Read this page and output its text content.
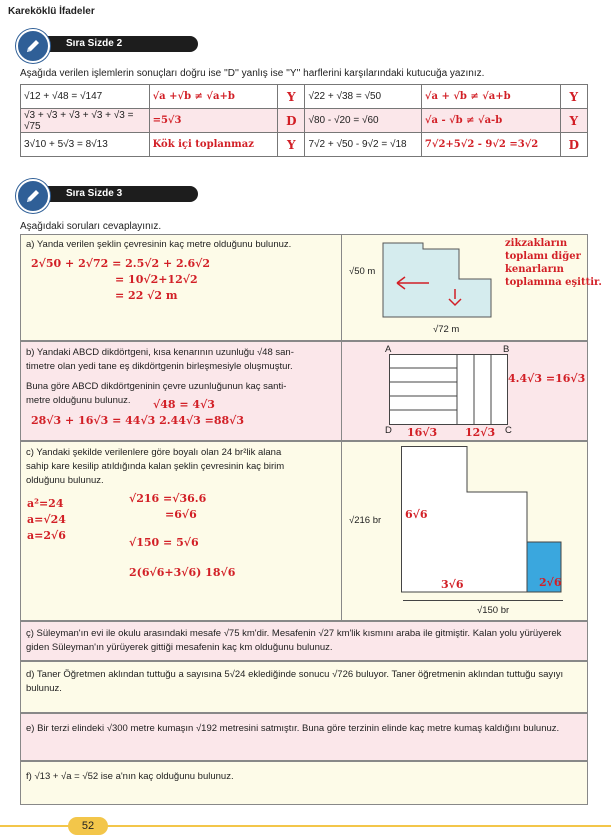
Kareköklü İfadeler
Sıra Sizde 2
Aşağıda verilen işlemlerin sonuçları doğru ise ''D'' yanlış ise ''Y'' harflerini karşılarındaki kutucuğa yazınız.
√12 + √48 = √147	√a +√b ≠ √a+b	Y	√22 + √38 = √50	√a + √b ≠ √a+b	Y
√3 + √3 + √3 + √3 + √3 = √75	=5√3	D	√80 - √20 = √60	√a - √b ≠ √a-b	Y
3√10 + 5√3 = 8√13	Kök içi toplanmaz	Y	7√2 + √50 - 9√2 = √18	7√2+5√2 - 9√2 =3√2	D
Sıra Sizde 3
Aşağıdaki soruları cevaplayınız.
a) Yanda verilen şeklin çevresinin kaç metre olduğunu bulunuz.
2√50 + 2√72 = 2.5√2 + 2.6√2
= 10√2+12√2
= 22 √2 m
√50 m
√72 m
zikzakların
toplamı diğer
kenarların
toplamına eşittir.
b) Yandaki ABCD dikdörtgeni, kısa kenarının uzunluğu √48 san-
timetre olan yedi tane eş dikdörtgenin birleşmesiyle oluşmuştur.
Buna göre ABCD dikdörtgeninin çevre uzunluğunun kaç santi-
metre olduğunu bulunuz.	√48 = 4√3
28√3 + 16√3 = 44√3 2.44√3 =88√3
A	B
C
D
4.4√3 =16√3
16√3	12√3
c) Yandaki şekilde verilenlere göre boyalı olan 24 br²lik alana
sahip kare kesilip atıldığında kalan şeklin çevresinin kaç birim
olduğunu bulunuz.
a²=24
a=√24
a=2√6
√216 =√36.6
=6√6
√150 = 5√6
2(6√6+3√6) 18√6
√216 br
√150 br
6√6
3√6	2√6
ç) Süleyman'ın evi ile okulu arasındaki mesafe √75 km'dir. Mesafenin √27 km'lik kısmını araba ile gitmiştir. Kalan yolu yürüyerek giden Süleyman'ın yürüyerek gittiği mesafenin kaç km olduğunu bulunuz.
d) Taner Öğretmen aklından tuttuğu a sayısına 5√24 eklediğinde sonucu √726 buluyor. Taner öğretmenin aklından tuttuğu sayıyı bulunuz.
e) Bir terzi elindeki √300 metre kumaşın √192 metresini satmıştır. Buna göre terzinin elinde kaç metre kumaş kaldığını bulunuz.
f) √13 + √a = √52 ise a'nın kaç olduğunu bulunuz.
52
